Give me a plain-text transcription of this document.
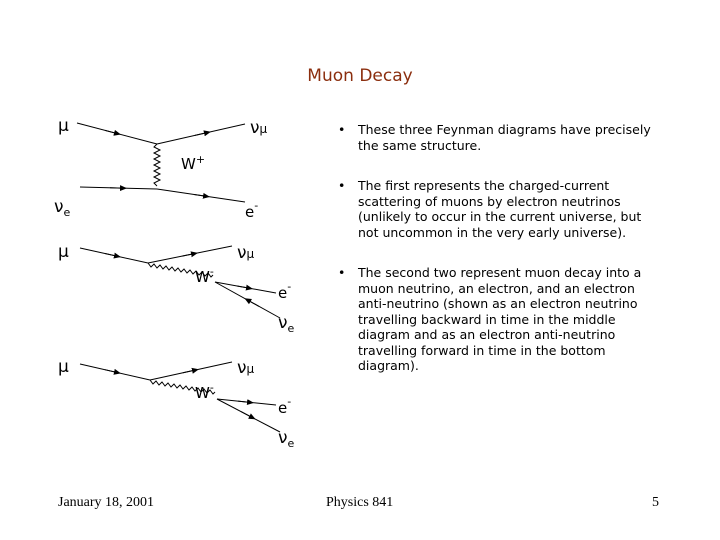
Muon Decay
μ	νμ
W+
$\nu_e$	e-
μ	νμ
W-
e-
$\nu_e$
μ	νμ
W-
e-
$\nu_e$
• These three Feynman diagrams have precisely the same structure.
• The first represents the charged-current scattering of muons by electron neutrinos (unlikely to occur in the current universe, but not uncommon in the very early universe).
• The second two represent muon decay into a muon neutrino, an electron, and an electron anti-neutrino (shown as an electron neutrino travelling backward in time in the middle diagram and as an electron anti-neutrino travelling forward in time in the bottom diagram).
January 18, 2001	Physics 841	5
